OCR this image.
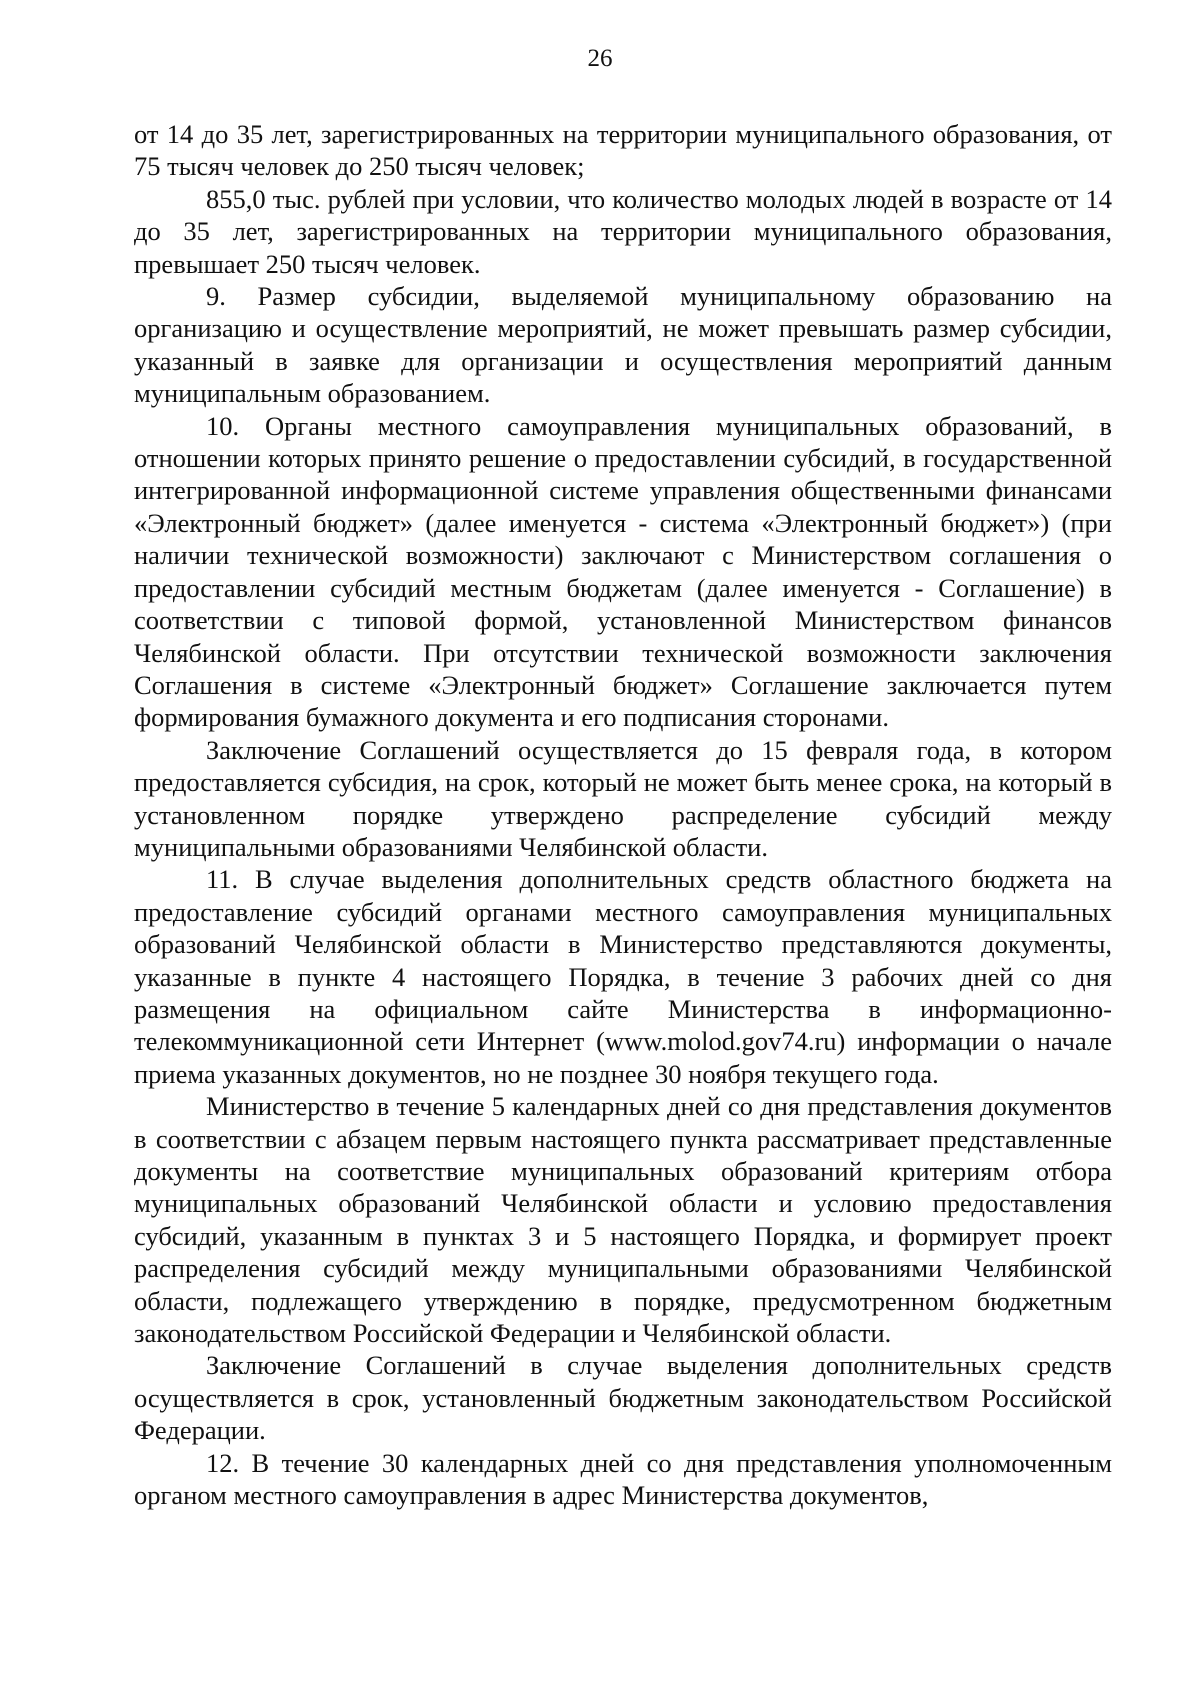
26

от 14 до 35 лет, зарегистрированных на территории муниципального образования, от 75 тысяч человек до 250 тысяч человек;

855,0 тыс. рублей при условии, что количество молодых людей в возрасте от 14 до 35 лет, зарегистрированных на территории муниципального образования, превышает 250 тысяч человек.

9. Размер субсидии, выделяемой муниципальному образованию на организацию и осуществление мероприятий, не может превышать размер субсидии, указанный в заявке для организации и осуществления мероприятий данным муниципальным образованием.

10. Органы местного самоуправления муниципальных образований, в отношении которых принято решение о предоставлении субсидий, в государственной интегрированной информационной системе управления общественными финансами «Электронный бюджет» (далее именуется - система «Электронный бюджет») (при наличии технической возможности) заключают с Министерством соглашения о предоставлении субсидий местным бюджетам (далее именуется - Соглашение) в соответствии с типовой формой, установленной Министерством финансов Челябинской области. При отсутствии технической возможности заключения Соглашения в системе «Электронный бюджет» Соглашение заключается путем формирования бумажного документа и его подписания сторонами.

Заключение Соглашений осуществляется до 15 февраля года, в котором предоставляется субсидия, на срок, который не может быть менее срока, на который в установленном порядке утверждено распределение субсидий между муниципальными образованиями Челябинской области.

11. В случае выделения дополнительных средств областного бюджета на предоставление субсидий органами местного самоуправления муниципальных образований Челябинской области в Министерство представляются документы, указанные в пункте 4 настоящего Порядка, в течение 3 рабочих дней со дня размещения на официальном сайте Министерства в информационно-телекоммуникационной сети Интернет (www.molod.gov74.ru) информации о начале приема указанных документов, но не позднее 30 ноября текущего года.

Министерство в течение 5 календарных дней со дня представления документов в соответствии с абзацем первым настоящего пункта рассматривает представленные документы на соответствие муниципальных образований критериям отбора муниципальных образований Челябинской области и условию предоставления субсидий, указанным в пунктах 3 и 5 настоящего Порядка, и формирует проект распределения субсидий между муниципальными образованиями Челябинской области, подлежащего утверждению в порядке, предусмотренном бюджетным законодательством Российской Федерации и Челябинской области.

Заключение Соглашений в случае выделения дополнительных средств осуществляется в срок, установленный бюджетным законодательством Российской Федерации.

12. В течение 30 календарных дней со дня представления уполномоченным органом местного самоуправления в адрес Министерства документов,
